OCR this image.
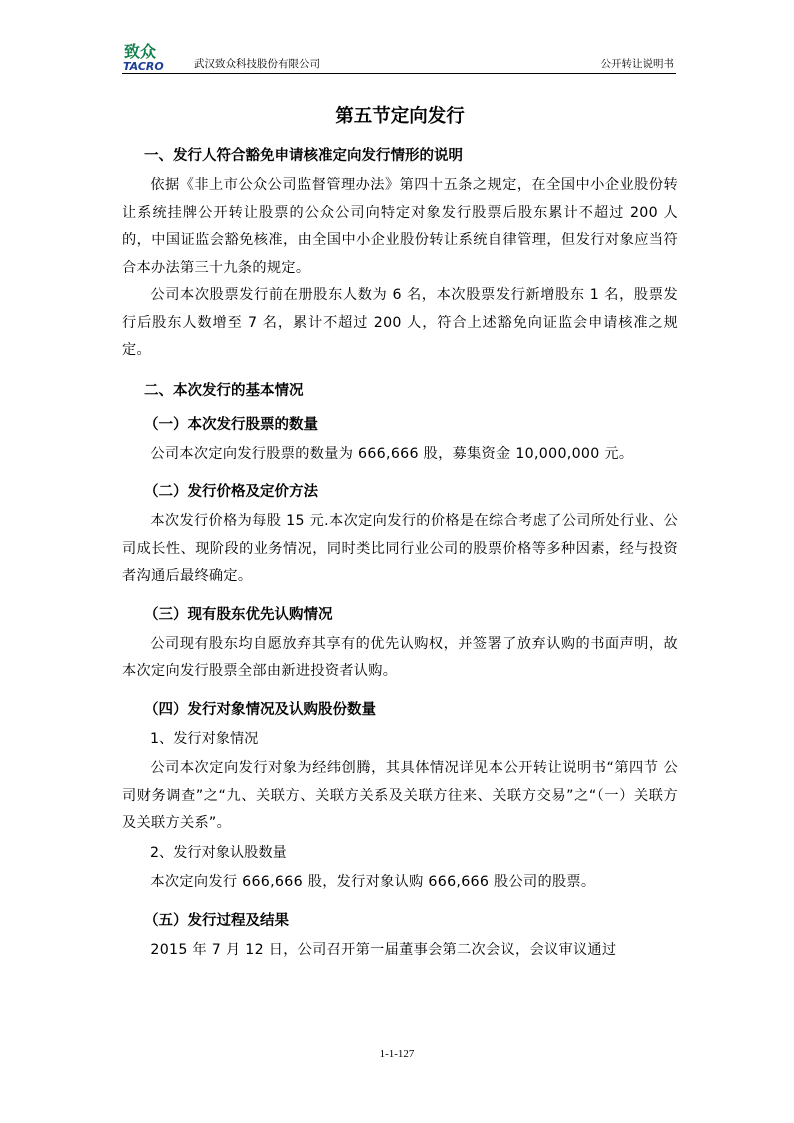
致众
TACRO	武汉致众科技股份有限公司	公开转让说明书
第五节定向发行
一、发行人符合豁免申请核准定向发行情形的说明

依据《非上市公众公司监督管理办法》第四十五条之规定，在全国中小企业股份转让系统挂牌公开转让股票的公众公司向特定对象发行股票后股东累计不超过 200 人的，中国证监会豁免核准，由全国中小企业股份转让系统自律管理，但发行对象应当符合本办法第三十九条的规定。

公司本次股票发行前在册股东人数为 6 名，本次股票发行新增股东 1 名，股票发行后股东人数增至 7 名，累计不超过 200 人，符合上述豁免向证监会申请核准之规定。

二、本次发行的基本情况
（一）本次发行股票的数量

公司本次定向发行股票的数量为 666,666 股，募集资金 10,000,000 元。

（二）发行价格及定价方法

本次发行价格为每股 15 元.本次定向发行的价格是在综合考虑了公司所处行业、公司成长性、现阶段的业务情况，同时类比同行业公司的股票价格等多种因素，经与投资者沟通后最终确定。

（三）现有股东优先认购情况

公司现有股东均自愿放弃其享有的优先认购权，并签署了放弃认购的书面声明，故本次定向发行股票全部由新进投资者认购。

（四）发行对象情况及认购股份数量
1、发行对象情况

公司本次定向发行对象为经纬创腾，其具体情况详见本公开转让说明书“第四节 公司财务调查”之“九、关联方、关联方关系及关联方往来、关联方交易”之“（一）关联方及关联方关系”。

2、发行对象认股数量

本次定向发行 666,666 股，发行对象认购 666,666 股公司的股票。

（五）发行过程及结果

2015 年 7 月 12 日，公司召开第一届董事会第二次会议，会议审议通过

1-1-127
